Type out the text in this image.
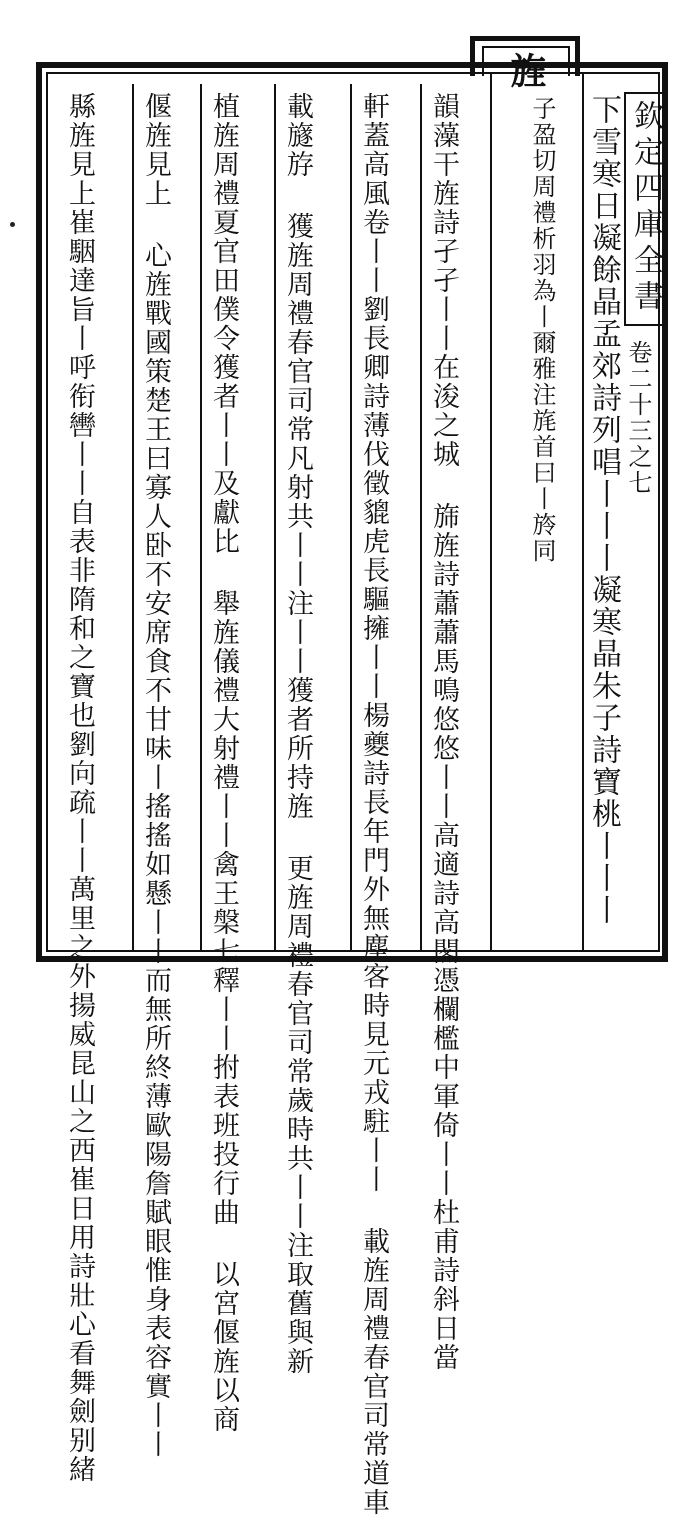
旌
欽定四庫全書
卷二十三之七
下雪寒日凝餘晶孟郊詩列唱丨丨丨凝寒晶朱子詩寶桃丨丨丨
子盈切周禮析羽為丨爾雅注旄首曰丨旍同
韻藻干旌詩孑孑丨丨在浚之城 旆旌詩蕭蕭馬鳴悠悠丨丨高適詩高閣憑欄檻中軍倚丨丨杜甫詩斜日當
軒蓋高風卷丨丨劉長卿詩薄伐徵貔虎長驅擁丨丨楊夔詩長年門外無塵客時見元戎駐丨丨 載旌周禮春官司常道車
載旞斿 獲旌周禮春官司常凡射共丨丨注丨丨獲者所持旌 更旌周禮春官司常歲時共丨丨注取舊與新
植旌周禮夏官田僕令獲者丨丨及獻比 舉旌儀禮大射禮丨丨禽王槃七釋丨丨拊表班投行曲 以宮偃旌以商
偃旌見上 心旌戰國策楚王曰寡人卧不安席食不甘味丨搖搖如懸丨丨而無所終薄歐陽詹賦眼惟身表容實丨丨
縣旌見上崔駰達旨丨呼衔轡丨丨自表非隋和之寶也劉向疏丨丨萬里之外揚威昆山之西崔日用詩壯心看舞劍别緒
